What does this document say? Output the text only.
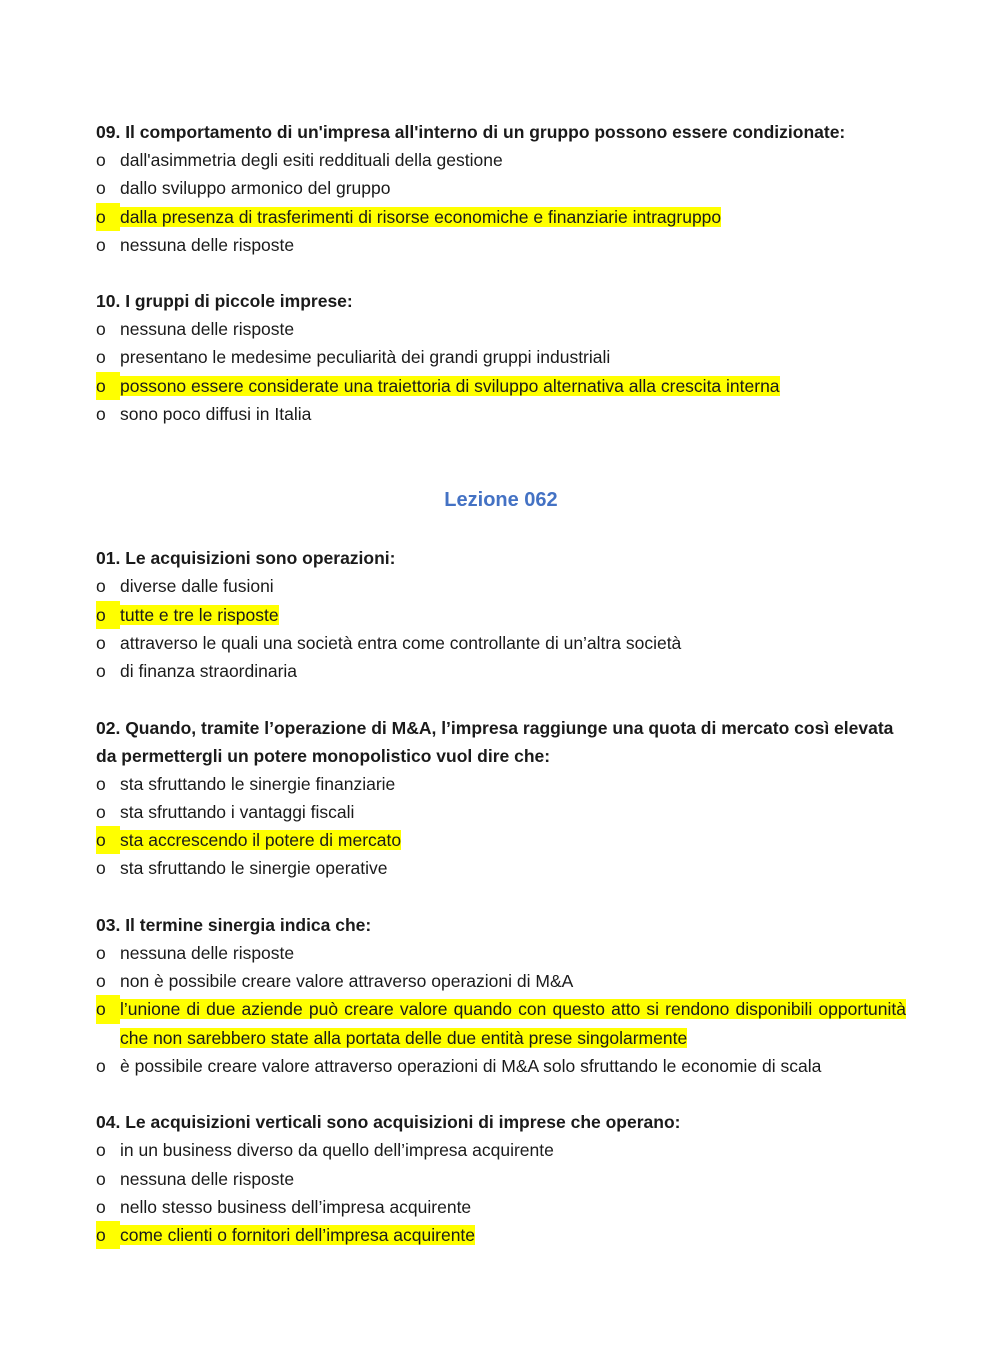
09. Il comportamento di un'impresa all'interno di un gruppo possono essere condizionate:
o dall'asimmetria degli esiti reddituali della gestione
o dallo sviluppo armonico del gruppo
o dalla presenza di trasferimenti di risorse economiche e finanziarie intragruppo
o nessuna delle risposte
10. I gruppi di piccole imprese:
o nessuna delle risposte
o presentano le medesime peculiarità dei grandi gruppi industriali
o possono essere considerate una traiettoria di sviluppo alternativa alla crescita interna
o sono poco diffusi in Italia
Lezione 062
01. Le acquisizioni sono operazioni:
o diverse dalle fusioni
o tutte e tre le risposte
o attraverso le quali una società entra come controllante di un’altra società
o di finanza straordinaria
02. Quando, tramite l’operazione di M&A, l’impresa raggiunge una quota di mercato così elevata da permettergli un potere monopolistico vuol dire che:
o sta sfruttando le sinergie finanziarie
o sta sfruttando i vantaggi fiscali
o sta accrescendo il potere di mercato
o sta sfruttando le sinergie operative
03. Il termine sinergia indica che:
o nessuna delle risposte
o non è possibile creare valore attraverso operazioni di M&A
o l’unione di due aziende può creare valore quando con questo atto si rendono disponibili opportunità che non sarebbero state alla portata delle due entità prese singolarmente
o è possibile creare valore attraverso operazioni di M&A solo sfruttando le economie di scala
04. Le acquisizioni verticali sono acquisizioni di imprese che operano:
o in un business diverso da quello dell’impresa acquirente
o nessuna delle risposte
o nello stesso business dell’impresa acquirente
o come clienti o fornitori dell’impresa acquirente
